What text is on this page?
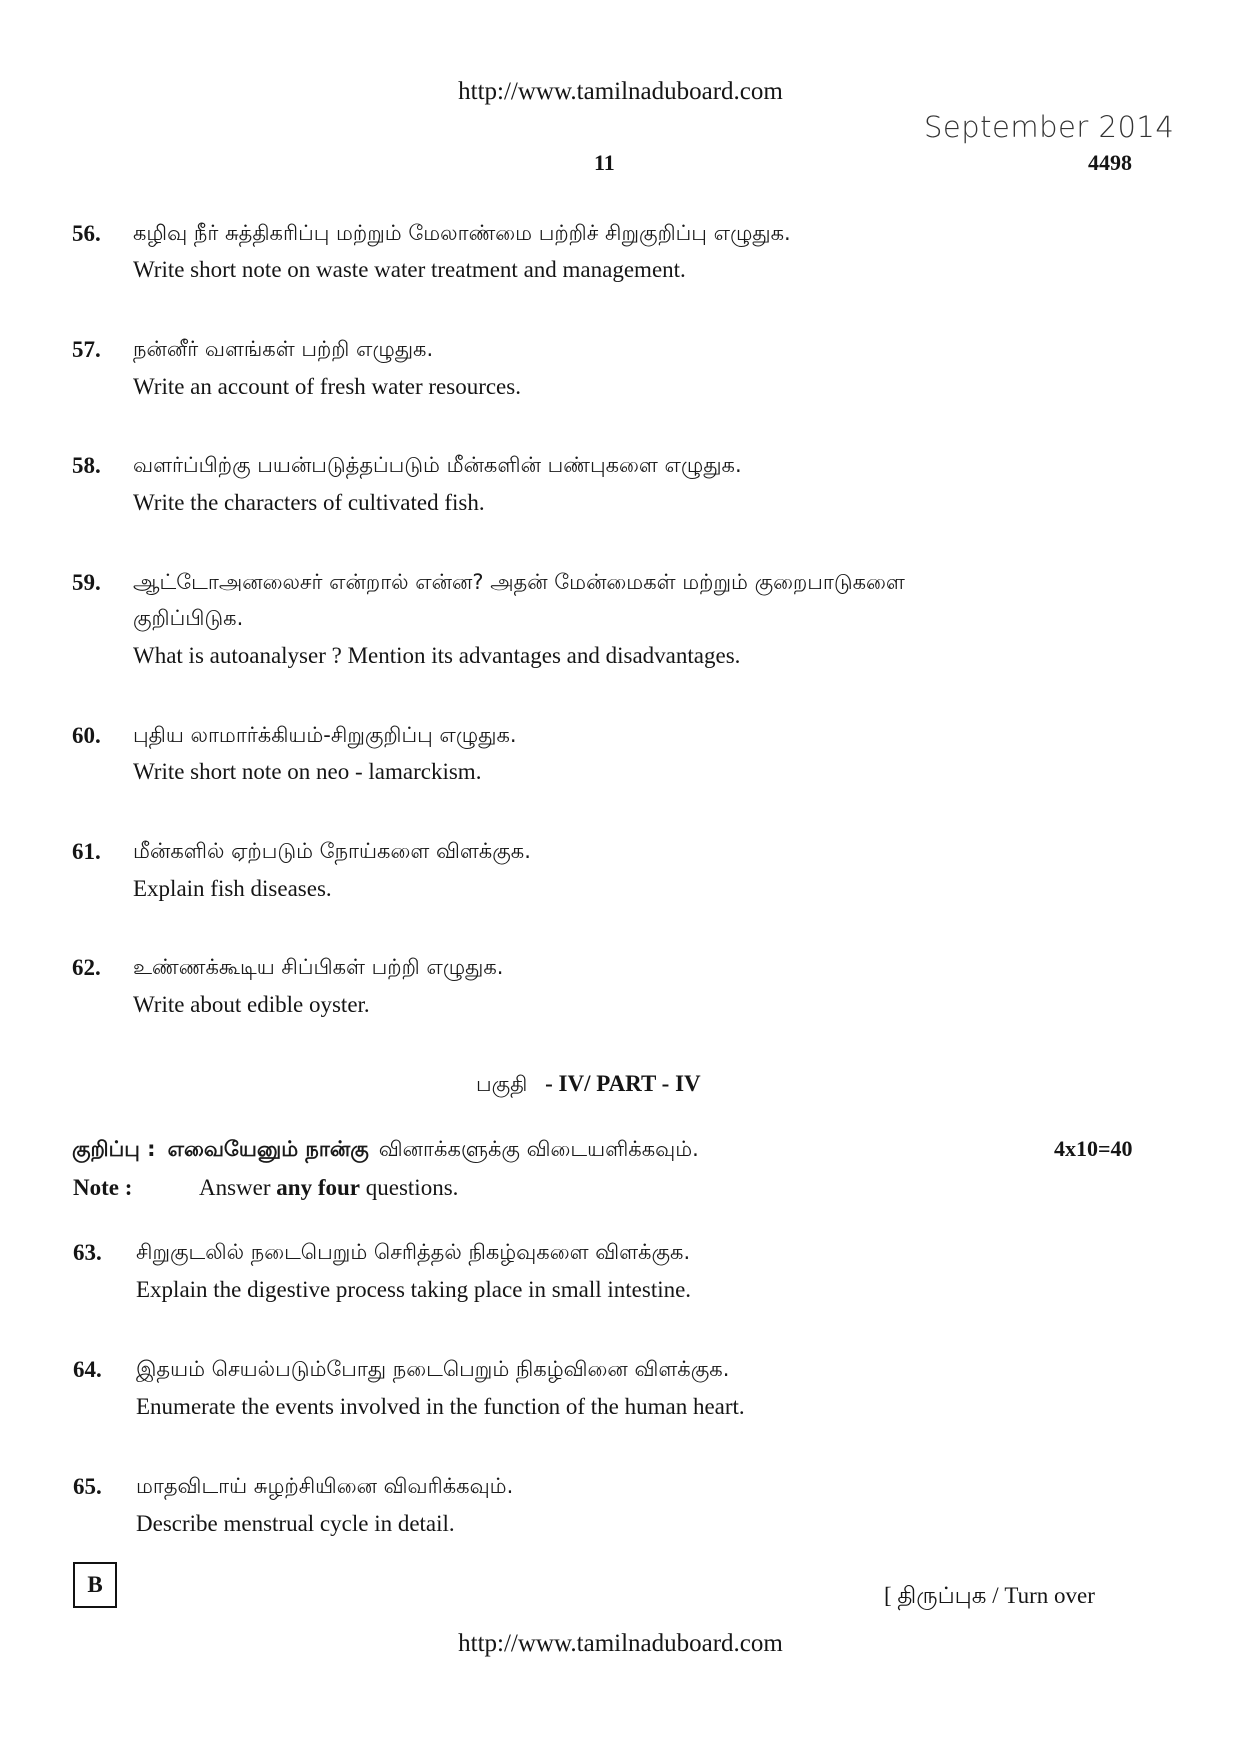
http://www.tamilnaduboard.com
September 2014
11	4498
56. கழிவு நீர் சுத்திகரிப்பு மற்றும் மேலாண்மை பற்றிச் சிறுகுறிப்பு எழுதுக.
Write short note on waste water treatment and management.
57. நன்னீர் வளங்கள் பற்றி எழுதுக.
Write an account of fresh water resources.
58. வளர்ப்பிற்கு பயன்படுத்தப்படும் மீன்களின் பண்புகளை எழுதுக.
Write the characters of cultivated fish.
59. ஆட்டோஅனலைசர் என்றால் என்ன? அதன் மேன்மைகள் மற்றும் குறைபாடுகளை
குறிப்பிடுக.
What is autoanalyser ? Mention its advantages and disadvantages.
60. புதிய லாமார்க்கியம்-சிறுகுறிப்பு எழுதுக.
Write short note on neo - lamarckism.
61. மீன்களில் ஏற்படும் நோய்களை விளக்குக.
Explain fish diseases.
62. உண்ணக்கூடிய சிப்பிகள் பற்றி எழுதுக.
Write about edible oyster.
பகுதி - IV/ PART - IV
குறிப்பு : எவையேனும் நான்கு வினாக்களுக்கு விடையளிக்கவும்.	4x10=40
Note :	Answer any four questions.
63. சிறுகுடலில் நடைபெறும் செரித்தல் நிகழ்வுகளை விளக்குக.
Explain the digestive process taking place in small intestine.
64. இதயம் செயல்படும்போது நடைபெறும் நிகழ்வினை விளக்குக.
Enumerate the events involved in the function of the human heart.
65. மாதவிடாய் சுழற்சியினை விவரிக்கவும்.
Describe menstrual cycle in detail.
B	[ திருப்புக / Turn over
http://www.tamilnaduboard.com
